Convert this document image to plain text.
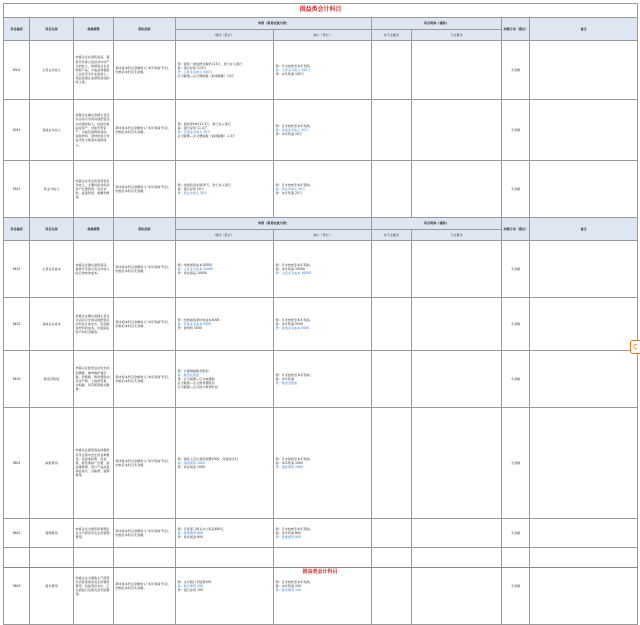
损益类会计科目									
科目编码	科目名称	核算解释	期末结转	举例（都是收款为例）		科目明细（辅助）		余额方向（期末）	备注
				增加（借方）	减少（贷方）	非专业要求	专业要求		
5001	主营业务收入	核算企业在销售商品、提供劳务等日常活动中所产生的收入，如制造业企业销售产品、半成品和提供工业性劳务作业的收入；商品流通企业销售商品的收入等。	期末将本科目余额转入"本年利润"科目，结转后本科目无余额。	例：销售一批货物含税价113万，款已存入银行
借：银行存款 113万
贷：主营业务收入 100万
应交税费—应交增值税（销项税额）13万	例：月末结转至本年利润。
借：主营业务收入 100万
贷：本年利润 100万			无余额	
5051	其他业务收入	核算企业确认的除主营业务活动以外的其他经营活动实现的收入，包括出租固定资产、出租无形资产、出租包装物和商品、销售材料、用材料进行非货币性交换等实现的收入。	期末将本科目余额转入"本年利润"科目，结转后本科目无余额。	例：销售原材料11.3万，款已存入银行
借：银行存款 11.3万
贷：其他业务收入 10万
应交税费—应交增值税（销项税额）1.3万	例：月末结转至本年利润。
借：其他业务收入 10万
贷：本年利润 10万			无余额	
5301	营业外收入	核算企业发生的各项营业外收入，主要包括非流动资产处置利得、政府补助、盘盈利得、捐赠利得等。	期末将本科目余额转入"本年利润"科目，结转后本科目无余额。	例：收到政府补助20万，款已存入银行
借：银行存款 20万
贷：营业外收入 20万	例：月末结转至本年利润。
借：营业外收入 20万
贷：本年利润 20万			无余额	
科目编码	科目名称	核算解释	期末结转	举例（都是收款为例）		科目明细（辅助）		余额方向（期末）	备注
				增加（借方）	减少（贷方）	非专业要求	专业要求		
5401	主营业务成本	核算企业确认销售商品、提供劳务等主营业务收入时应结转的成本。	期末将本科目余额转入"本年利润"科目，结转后本科目无余额。	例：结转销售成本10000
借：主营业务成本 10000
贷：库存商品 10000	例：月末结转至本年利润。
借：本年利润 10000
贷：主营业务成本 10000			无余额	
5402	其他业务成本	核算企业确认的除主营业务活动以外的其他经营活动所发生的支出，包括销售材料的成本、出租固定资产的折旧额等。	期末将本科目余额转入"本年利润"科目，结转后本科目无余额。	例：结转销售原材料成本5000
借：其他业务成本 5000
贷：原材料 5000	例：月末结转至本年利润。
借：本年利润 5000
贷：其他业务成本 5000			无余额	
5403	税金及附加	核算企业经营活动发生的消费税、城市维护建设税、资源税、教育费附加及房产税、土地使用税、车船税、印花税等相关税费。	期末将本科目余额转入"本年利润"科目，结转后本科目无余额。	例：计提城建税及附加
借：税金及附加
贷：应交税费—应交城建税
应交税费—应交教育费附加
应交税费—应交地方教育附加	例：月末结转至本年利润。
借：本年利润
贷：税金及附加			无余额	
5601	销售费用	核算企业销售商品或提供劳务过程中发生的各种费用，包括保险费、包装费、展览费和广告费、商品维修费、预计产品质量保证损失、运输费、装卸费等。	期末将本科目余额转入"本年利润"科目，结转后本科目无余额。	例：销售人员出差报销费1000，用现金支付
借：销售费用 1000
贷：库存现金 1000	例：月末结转至本年利润。
借：本年利润 1000
贷：销售费用 1000			无余额	
5602	管理费用	核算企业为组织和管理企业生产经营所发生的管理费用。	期末将本科目余额转入"本年利润"科目，结转后本科目无余额。	例：行政部门购买办公用品600元
借：管理费用 600
贷：库存现金 600	例：月末结转至本年利润。
借：本年利润 600
贷：管理费用 600			无余额	
5603	财务费用	核算企业为筹集生产经营所需资金等而发生的筹资费用，包括利息支出、汇兑损益以及相关的手续费等。	期末将本科目余额转入"本年利润"科目，结转后本科目无余额。	例：支付银行手续费100
借：财务费用 100
贷：银行存款 100	例：月末结转至本年利润。
借：本年利润 100
贷：财务费用 100			无余额	
C
损益类会计科目
